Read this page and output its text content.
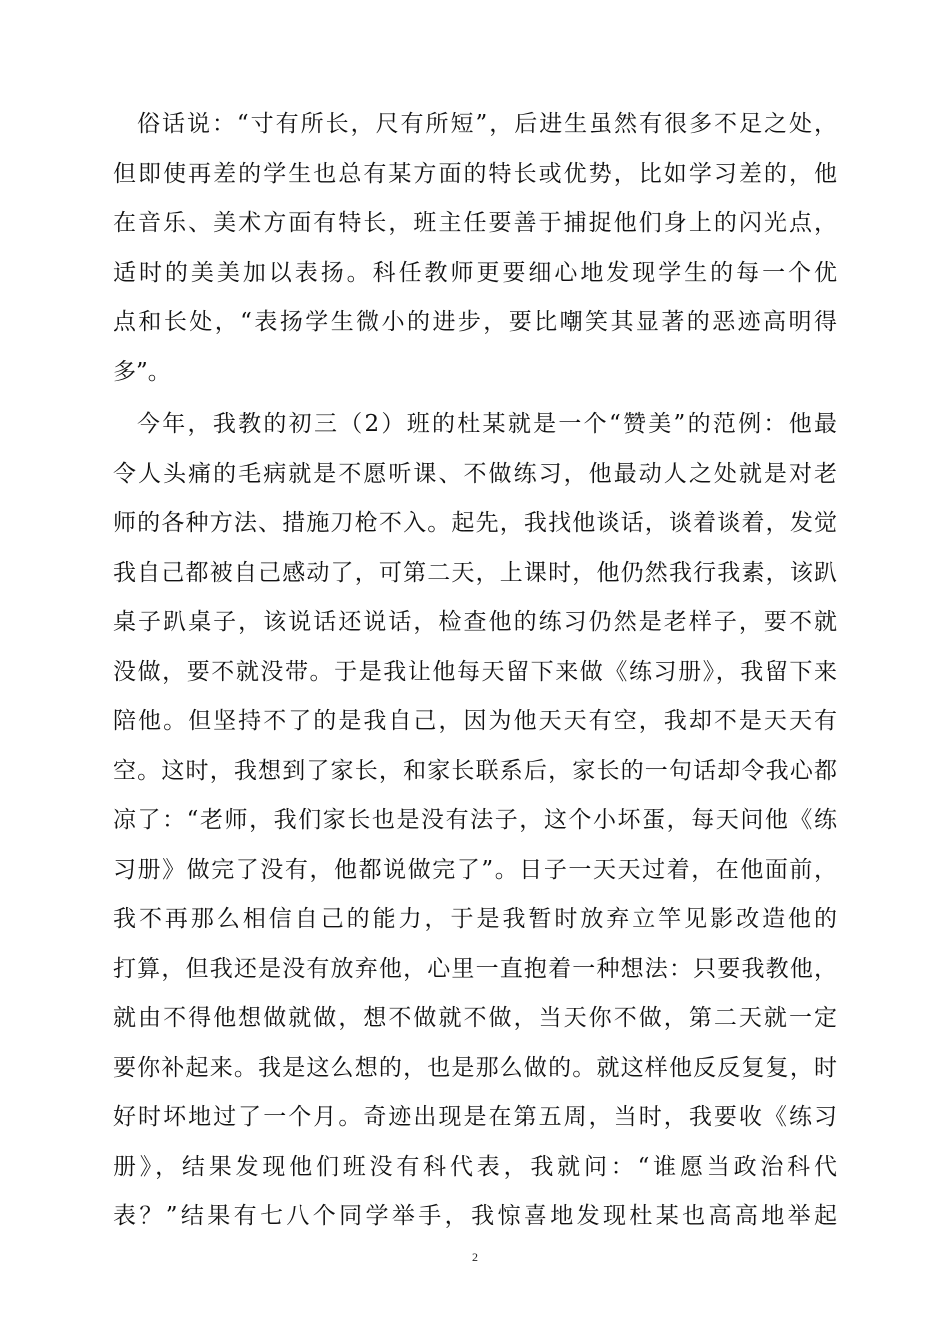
俗话说：“寸有所长，尺有所短”，后进生虽然有很多不足之处，
但即使再差的学生也总有某方面的特长或优势，比如学习差的，他
在音乐、美术方面有特长，班主任要善于捕捉他们身上的闪光点，
适时的美美加以表扬。科任教师更要细心地发现学生的每一个优
点和长处，“表扬学生微小的进步，要比嘲笑其显著的恶迹高明得
多”。
今年，我教的初三（2）班的杜某就是一个“赞美”的范例：他最
令人头痛的毛病就是不愿听课、不做练习，他最动人之处就是对老
师的各种方法、措施刀枪不入。起先，我找他谈话，谈着谈着，发觉
我自己都被自己感动了，可第二天，上课时，他仍然我行我素，该趴
桌子趴桌子，该说话还说话，检查他的练习仍然是老样子，要不就
没做，要不就没带。于是我让他每天留下来做《练习册》，我留下来
陪他。但坚持不了的是我自己，因为他天天有空，我却不是天天有
空。这时，我想到了家长，和家长联系后，家长的一句话却令我心都
凉了：“老师，我们家长也是没有法子，这个小坏蛋，每天问他《练
习册》做完了没有，他都说做完了”。日子一天天过着，在他面前，
我不再那么相信自己的能力，于是我暂时放弃立竿见影改造他的
打算，但我还是没有放弃他，心里一直抱着一种想法：只要我教他，
就由不得他想做就做，想不做就不做，当天你不做，第二天就一定
要你补起来。我是这么想的，也是那么做的。就这样他反反复复，时
好时坏地过了一个月。奇迹出现是在第五周，当时，我要收《练习
册》，结果发现他们班没有科代表，我就问：“谁愿当政治科代
表？”结果有七八个同学举手，我惊喜地发现杜某也高高地举起
2
